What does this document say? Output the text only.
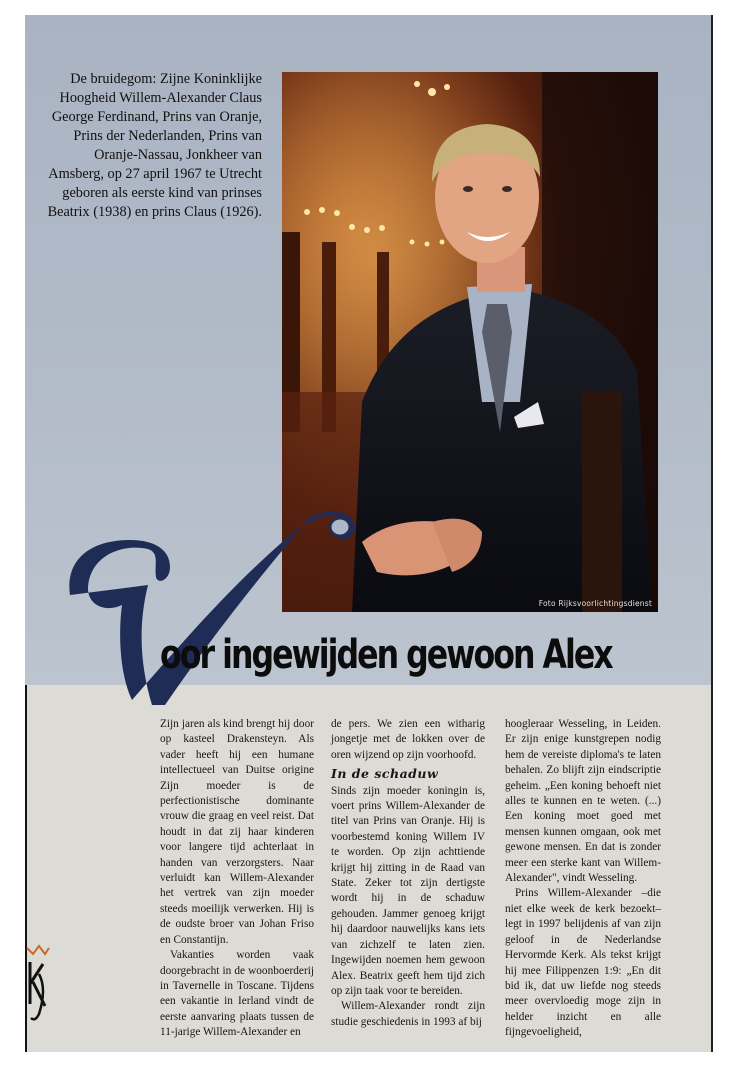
De bruidegom: Zijne Koninklijke Hoogheid Willem-Alexander Claus George Ferdinand, Prins van Oranje, Prins der Nederlanden, Prins van Oranje-Nassau, Jonkheer van Amsberg, op 27 april 1967 te Utrecht geboren als eerste kind van prinses Beatrix (1938) en prins Claus (1926).
Foto Rijksvoorlichtingsdienst
oor ingewijden gewoon Alex

Zijn jaren als kind brengt hij door op kasteel Drakensteyn. Als vader heeft hij een humane intellectueel van Duitse origine Zijn moeder is de perfectionistische dominante vrouw die graag en veel reist. Dat houdt in dat zij haar kinderen voor langere tijd achterlaat in handen van verzorgsters. Naar verluidt kan Willem-Alexander het vertrek van zijn moeder steeds moeilijk verwerken. Hij is de oudste broer van Johan Friso en Constantijn.

Vakanties worden vaak doorgebracht in de woonboerderij in Tavernelle in Toscane. Tijdens een vakantie in Ierland vindt de eerste aanvaring plaats tussen de 11-jarige Willem-Alexander en

de pers. We zien een witharig jongetje met de lokken over de oren wijzend op zijn voorhoofd.

In de schaduw

Sinds zijn moeder koningin is, voert prins Willem-Alexander de titel van Prins van Oranje. Hij is voorbestemd koning Willem IV te worden. Op zijn achttiende krijgt hij zitting in de Raad van State. Zeker tot zijn dertigste wordt hij in de schaduw gehouden. Jammer genoeg krijgt hij daardoor nauwelijks kans iets van zichzelf te laten zien. Ingewijden noemen hem gewoon Alex. Beatrix geeft hem tijd zich op zijn taak voor te bereiden.

Willem-Alexander rondt zijn studie geschiedenis in 1993 af bij

hoogleraar Wesseling, in Leiden. Er zijn enige kunstgrepen nodig hem de vereiste diploma's te laten behalen. Zo blijft zijn eindscriptie geheim. „Een koning behoeft niet alles te kunnen en te weten. (...) Een koning moet goed met mensen kunnen omgaan, ook met gewone mensen. En dat is zonder meer een sterke kant van Willem-Alexander", vindt Wesseling.

Prins Willem-Alexander –die niet elke week de kerk bezoekt– legt in 1997 belijdenis af van zijn geloof in de Nederlandse Hervormde Kerk. Als tekst krijgt hij mee Filippenzen 1:9: „En dit bid ik, dat uw liefde nog steeds meer overvloedig moge zijn in helder inzicht en alle fijngevoeligheid,
